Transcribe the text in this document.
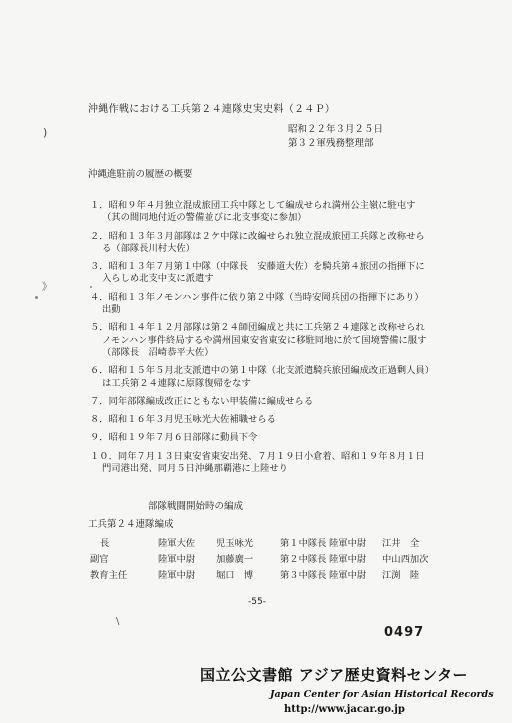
)
》
\
沖縄作戦における工兵第２４連隊史実史料（２４Ｐ）
昭和２２年３月２５日
第３２軍残務整理部
沖縄進駐前の履歴の概要
１．昭和９年４月独立混成旅団工兵中隊として編成せられ満州公主嶺に駐屯す
（其の間同地付近の警備並びに北支事変に参加）
２．昭和１３年３月部隊は２ケ中隊に改編せられ独立混成旅団工兵隊と改称せら
る（部隊長川村大佐）
３．昭和１３年７月第１中隊（中隊長　安藤道大佐）を騎兵第４旅団の指揮下に
入らしめ北支中支に派遣す
４．昭和１３年ノモンハン事件に依り第２中隊（当時安岡兵団の指揮下にあり）
出動
５．昭和１４年１２月部隊は第２４師団編成と共に工兵第２４連隊と改称せられ
ノモンハン事件終局するや満州国東安省東安に移駐同地に於て国境警備に服す
（部隊長　沼崎恭平大佐）
６．昭和１５年５月北支派遣中の第１中隊（北支派遣騎兵旅団編成改正過剰人員）
は工兵第２４連隊に原隊復帰をなす
７．同年部隊編成改正にともない甲装備に編成せらる
８．昭和１６年３月児玉咏光大佐補職せらる
９．昭和１９年７月６日部隊に動員下令
１０．同年７月１３日東安省東安出発、７月１９日小倉着、昭和１９年８月１日
門司港出発、同月５日沖縄那覇港に上陸せり
部隊戦闘開始時の編成
工兵第２４連隊編成
長	陸軍大佐	児玉咏光	第１中隊長	陸軍中尉	江井　全
副官	陸軍中尉	加藤廣一	第２中隊長	陸軍中尉	中山西加次
教育主任	陸軍中尉	堀口　博	第３中隊長	陸軍中尉	江渕　陸
-55-
0497
国立公文書館 アジア歴史資料センター
Japan Center for Asian Historical Records
http://www.jacar.go.jp
